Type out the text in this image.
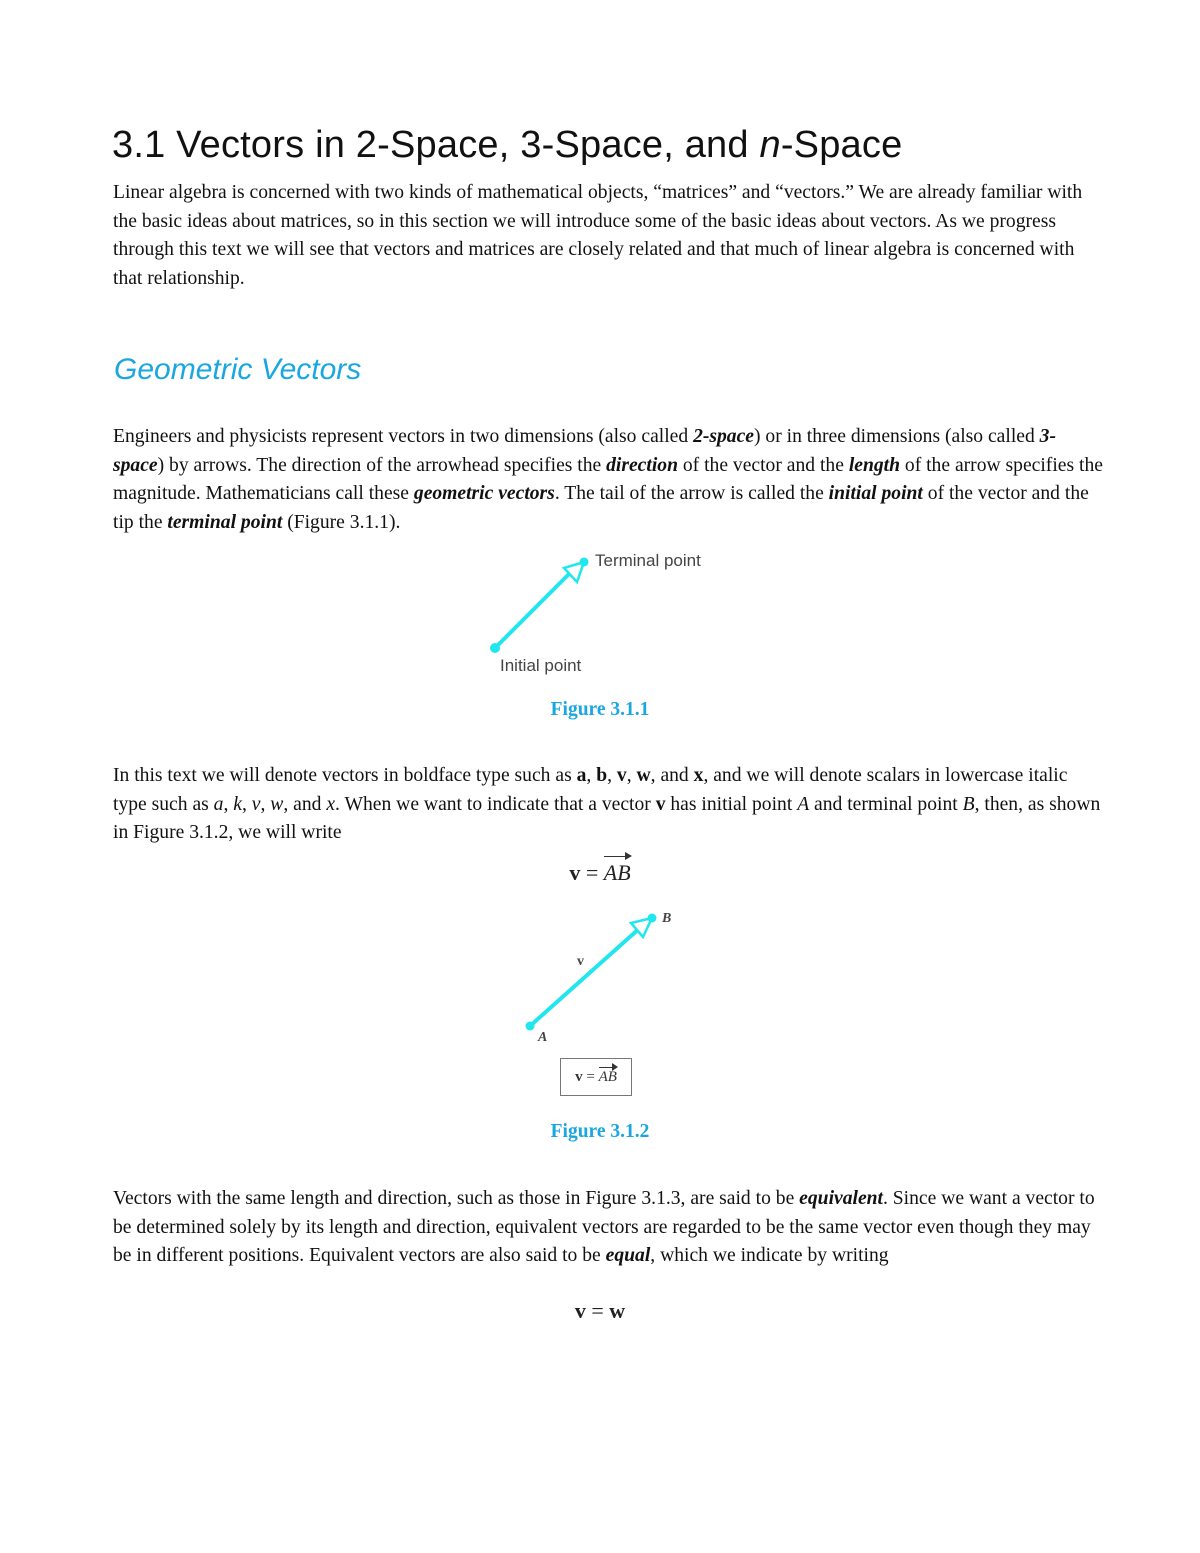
3.1 Vectors in 2-Space, 3-Space, and n-Space

Linear algebra is concerned with two kinds of mathematical objects, “matrices” and “vectors.” We are already familiar with the basic ideas about matrices, so in this section we will introduce some of the basic ideas about vectors. As we progress through this text we will see that vectors and matrices are closely related and that much of linear algebra is concerned with that relationship.

Geometric Vectors

Engineers and physicists represent vectors in two dimensions (also called 2-space) or in three dimensions (also called 3-space) by arrows. The direction of the arrowhead specifies the direction of the vector and the length of the arrow specifies the magnitude. Mathematicians call these geometric vectors. The tail of the arrow is called the initial point of the vector and the tip the terminal point (Figure 3.1.1).

Terminal point
Initial point
Figure 3.1.1

In this text we will denote vectors in boldface type such as a, b, v, w, and x, and we will denote scalars in lowercase italic type such as a, k, v, w, and x. When we want to indicate that a vector v has initial point A and terminal point B, then, as shown in Figure 3.1.2, we will write

v = AB
B
v
A
v = AB
Figure 3.1.2

Vectors with the same length and direction, such as those in Figure 3.1.3, are said to be equivalent. Since we want a vector to be determined solely by its length and direction, equivalent vectors are regarded to be the same vector even though they may be in different positions. Equivalent vectors are also said to be equal, which we indicate by writing

v = w
